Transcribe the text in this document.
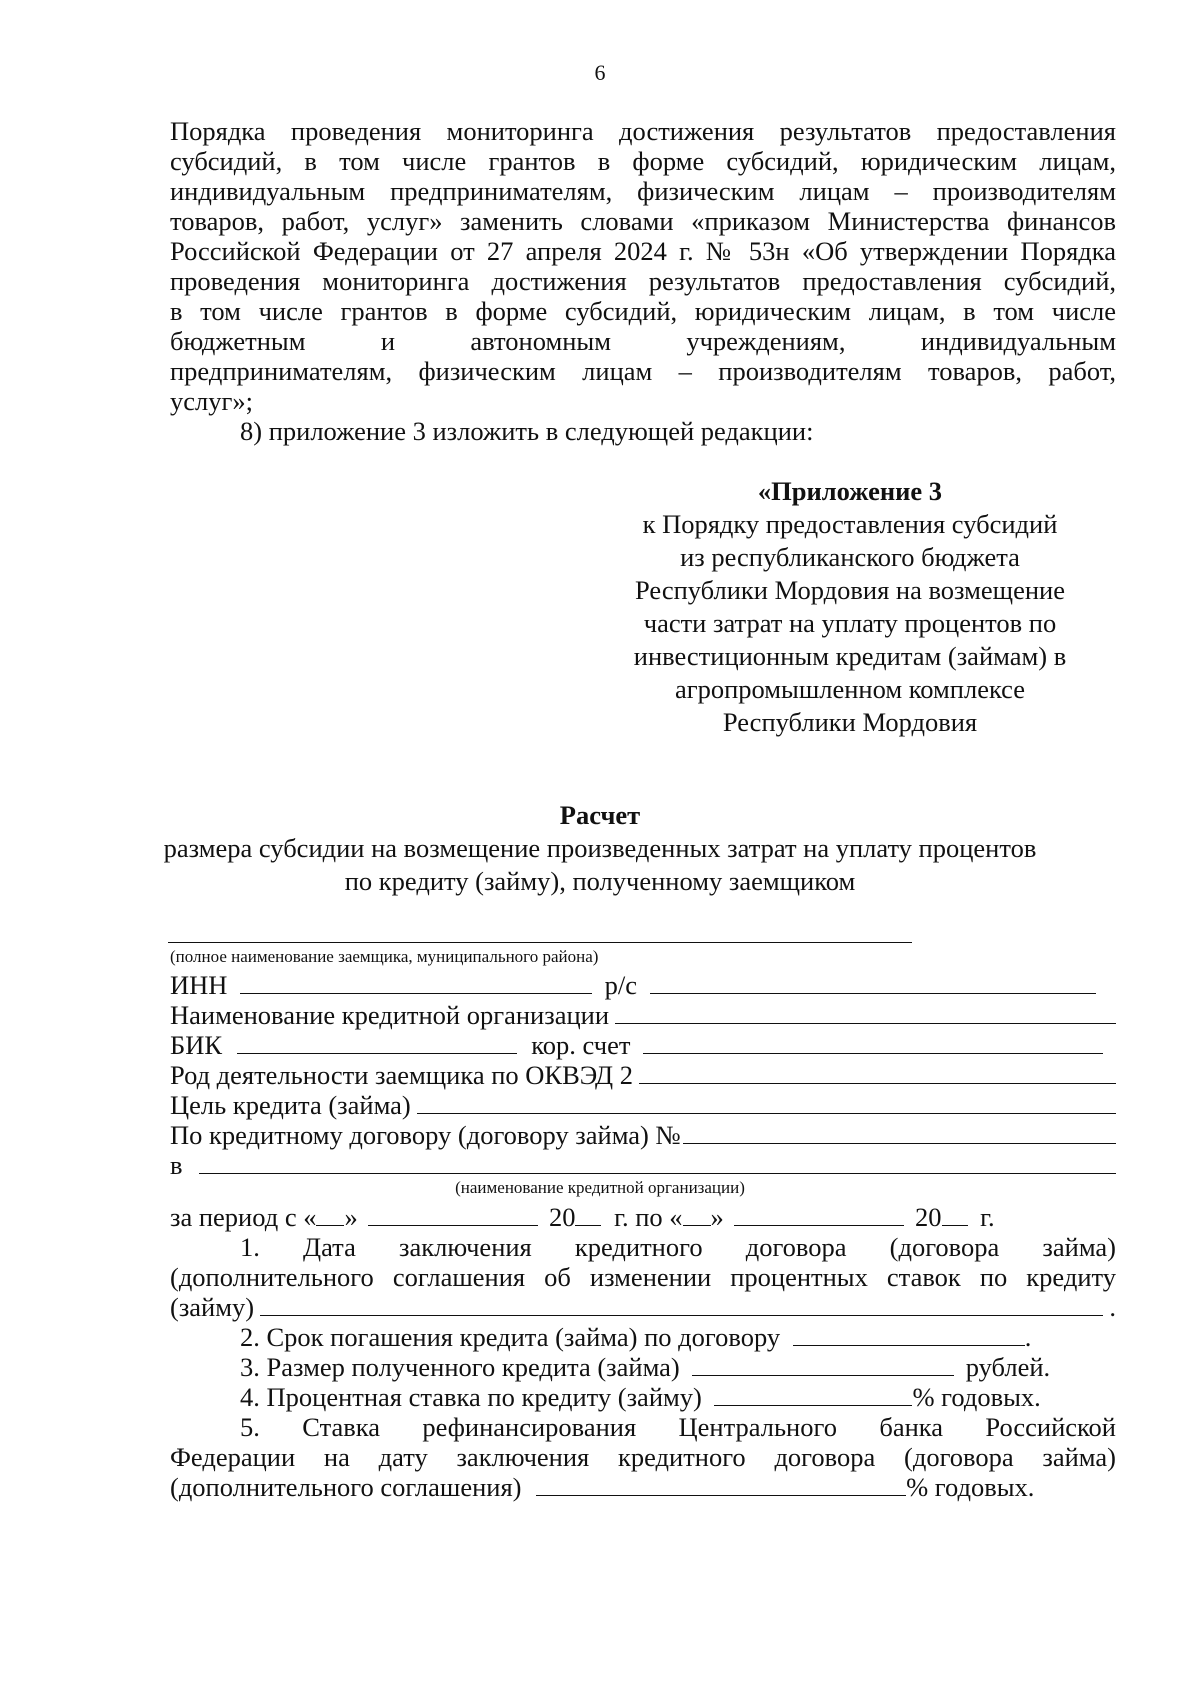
6
Порядка проведения мониторинга достижения результатов предоставления
субсидий, в том числе грантов в форме субсидий, юридическим лицам,
индивидуальным предпринимателям, физическим лицам – производителям
товаров, работ, услуг» заменить словами «приказом Министерства финансов
Российской Федерации от 27 апреля 2024 г. № 53н «Об утверждении Порядка
проведения мониторинга достижения результатов предоставления субсидий,
в том числе грантов в форме субсидий, юридическим лицам, в том числе
бюджетным и автономным учреждениям, индивидуальным
предпринимателям, физическим лицам – производителям товаров, работ,
услуг»;
8) приложение 3 изложить в следующей редакции:
«Приложение 3
к Порядку предоставления субсидий
из республиканского бюджета
Республики Мордовия на возмещение
части затрат на уплату процентов по
инвестиционным кредитам (займам) в
агропромышленном комплексе
Республики Мордовия
Расчет
размера субсидии на возмещение произведенных затрат на уплату процентов
по кредиту (займу), полученному заемщиком
(полное наименование заемщика, муниципального района)
ИНН	р/с
Наименование кредитной организации
БИК	кор. счет
Род деятельности заемщика по ОКВЭД 2
Цель кредита (займа)
По кредитному договору (договору займа) №
в
(наименование кредитной организации)
за период с « »	20 г. по « »	20 г.
1. Дата заключения кредитного договора (договора займа)
(дополнительного соглашения об изменении процентных ставок по кредиту
(займу)	.
2. Срок погашения кредита (займа) по договору	.
3. Размер полученного кредита (займа)	рублей.
4. Процентная ставка по кредиту (займу)	% годовых.
5. Ставка рефинансирования Центрального банка Российской
Федерации на дату заключения кредитного договора (договора займа)
(дополнительного соглашения)	% годовых.
